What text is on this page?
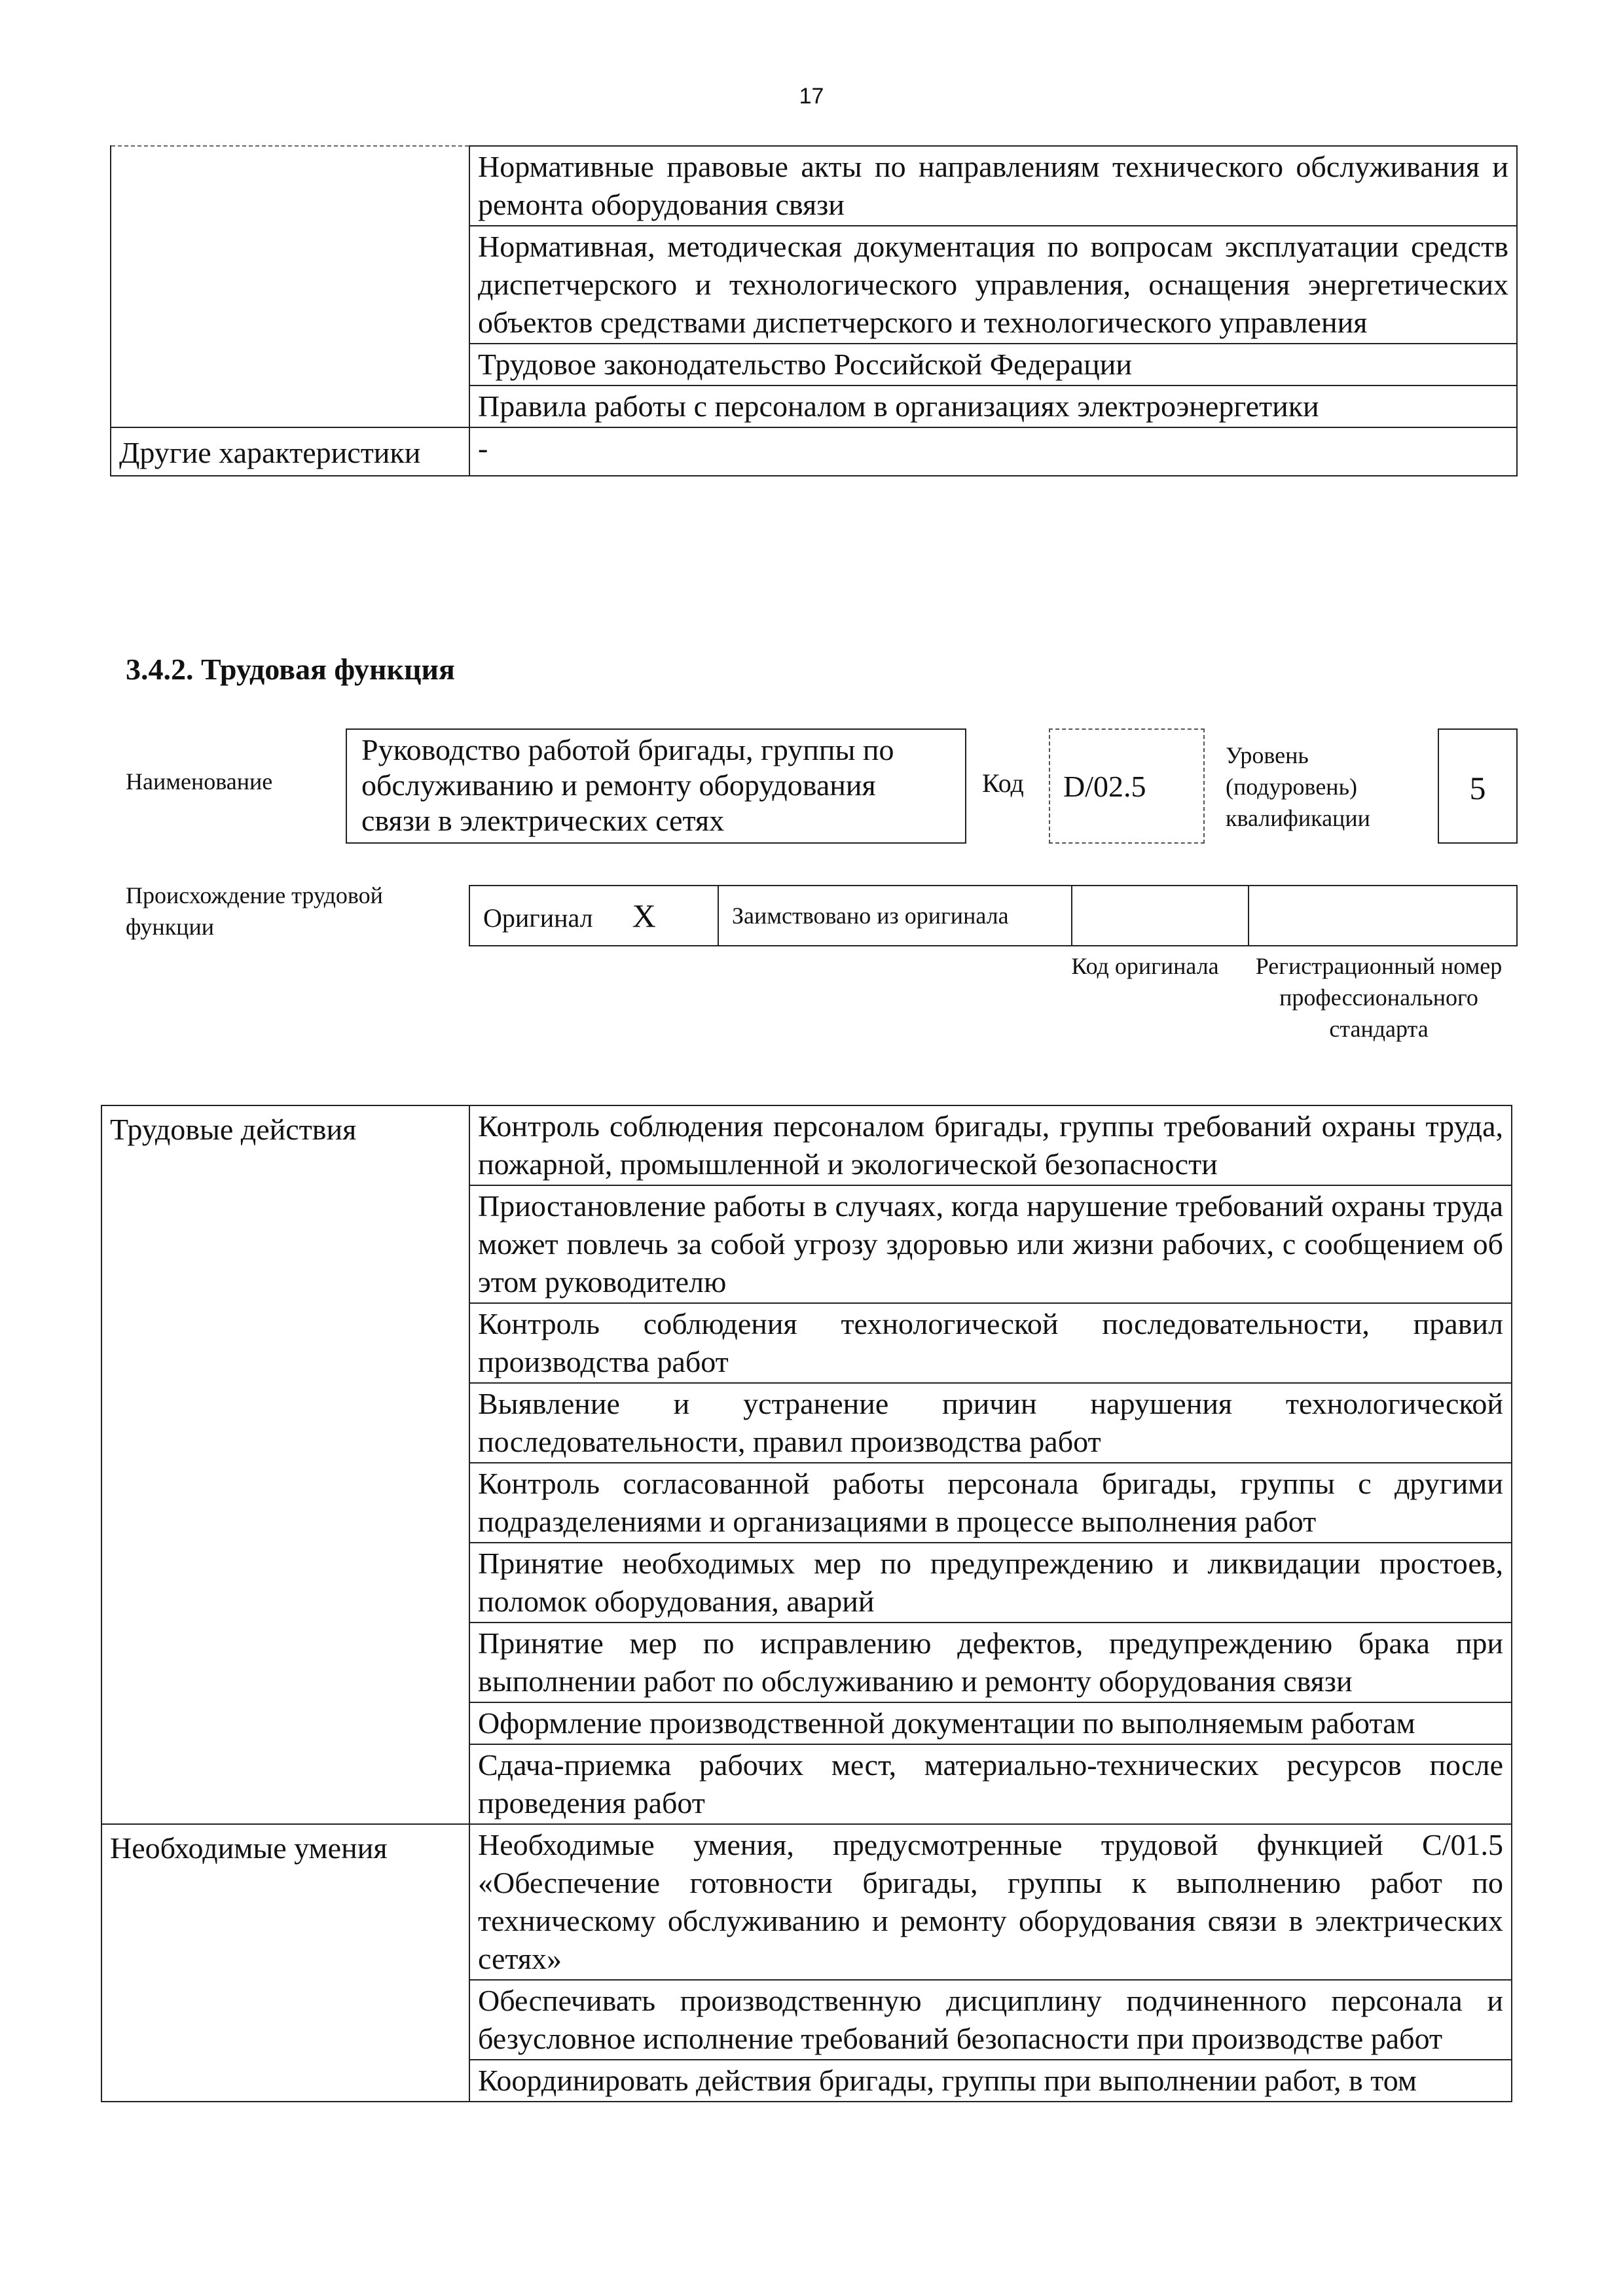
17
	Нормативные правовые акты по направлениям технического обслуживания и ремонта оборудования связи
	Нормативная, методическая документация по вопросам эксплуатации средств диспетчерского и технологического управления, оснащения энергетических объектов средствами диспетчерского и технологического управления
	Трудовое законодательство Российской Федерации
	Правила работы с персоналом в организациях электроэнергетики
Другие характеристики	-
3.4.2. Трудовая функция
Наименование
Руководство работой бригады, группы по обслуживанию и ремонту оборудования связи в электрических сетях
Код	D/02.5
Уровень (подуровень) квалификации
5
Происхождение трудовой функции	Оригинал X	Заимствовано из оригинала		
Код оригинала	Регистрационный номер профессионального стандарта
Трудовые действия	Контроль соблюдения персоналом бригады, группы требований охраны труда, пожарной, промышленной и экологической безопасности
	Приостановление работы в случаях, когда нарушение требований охраны труда может повлечь за собой угрозу здоровью или жизни рабочих, с сообщением об этом руководителю
	Контроль соблюдения технологической последовательности, правил производства работ
	Выявление и устранение причин нарушения технологической последовательности, правил производства работ
	Контроль согласованной работы персонала бригады, группы с другими подразделениями и организациями в процессе выполнения работ
	Принятие необходимых мер по предупреждению и ликвидации простоев, поломок оборудования, аварий
	Принятие мер по исправлению дефектов, предупреждению брака при выполнении работ по обслуживанию и ремонту оборудования связи
	Оформление производственной документации по выполняемым работам
	Сдача-приемка рабочих мест, материально-технических ресурсов после проведения работ
Необходимые умения	Необходимые умения, предусмотренные трудовой функцией С/01.5 «Обеспечение готовности бригады, группы к выполнению работ по техническому обслуживанию и ремонту оборудования связи в электрических сетях»
	Обеспечивать производственную дисциплину подчиненного персонала и безусловное исполнение требований безопасности при производстве работ
	Координировать действия бригады, группы при выполнении работ, в том
